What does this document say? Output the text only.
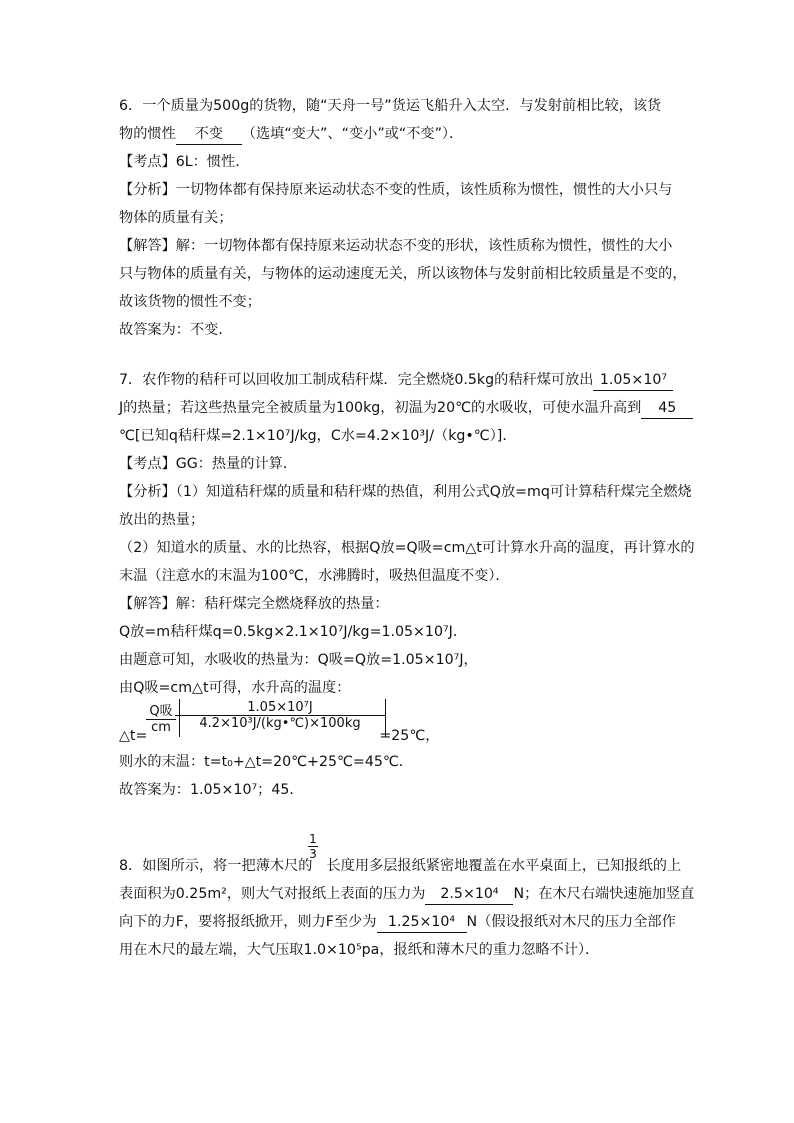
6．一个质量为500g的货物，随“天舟一号”货运飞船升入太空．与发射前相比较，该货

物的惯性 不变 （选填“变大”、“变小”或“不变”）．

【考点】6L：惯性．

【分析】一切物体都有保持原来运动状态不变的性质，该性质称为惯性，惯性的大小只与

物体的质量有关；

【解答】解：一切物体都有保持原来运动状态不变的形状，该性质称为惯性，惯性的大小

只与物体的质量有关，与物体的运动速度无关，所以该物体与发射前相比较质量是不变的，

故该货物的惯性不变；

故答案为：不变．

7．农作物的秸秆可以回收加工制成秸秆煤．完全燃烧0.5kg的秸秆煤可放出 1.05×10⁷

J的热量；若这些热量完全被质量为100kg，初温为20℃的水吸收，可使水温升高到 45

℃[已知q秸秆煤=2.1×10⁷J/kg，C水=4.2×10³J/（kg•℃）]．

【考点】GG：热量的计算．

【分析】（1）知道秸秆煤的质量和秸秆煤的热值，利用公式Q放=mq可计算秸秆煤完全燃烧

放出的热量；

（2）知道水的质量、水的比热容，根据Q放=Q吸=cm△t可计算水升高的温度，再计算水的

末温（注意水的末温为100℃，水沸腾时，吸热但温度不变）．

【解答】解：秸秆煤完全燃烧释放的热量：

Q放=m秸秆煤q=0.5kg×2.1×10⁷J/kg=1.05×10⁷J．

由题意可知，水吸收的热量为：Q吸=Q放=1.05×10⁷J，

由Q吸=cm△t可得，水升高的温度：

Q吸
cm
1.05×10⁷J
4.2×10³J/(kg•℃)×100kg

△t=	=25℃，

则水的末温：t=t₀+△t=20℃+25℃=45℃．

故答案为：1.05×10⁷；45．

1
3

8．如图所示，将一把薄木尺的 长度用多层报纸紧密地覆盖在水平桌面上，已知报纸的上

表面积为0.25m²，则大气对报纸上表面的压力为 2.5×10⁴ N；在木尺右端快速施加竖直

向下的力F，要将报纸掀开，则力F至少为 1.25×10⁴ N（假设报纸对木尺的压力全部作

用在木尺的最左端，大气压取1.0×10⁵pa，报纸和薄木尺的重力忽略不计）．
